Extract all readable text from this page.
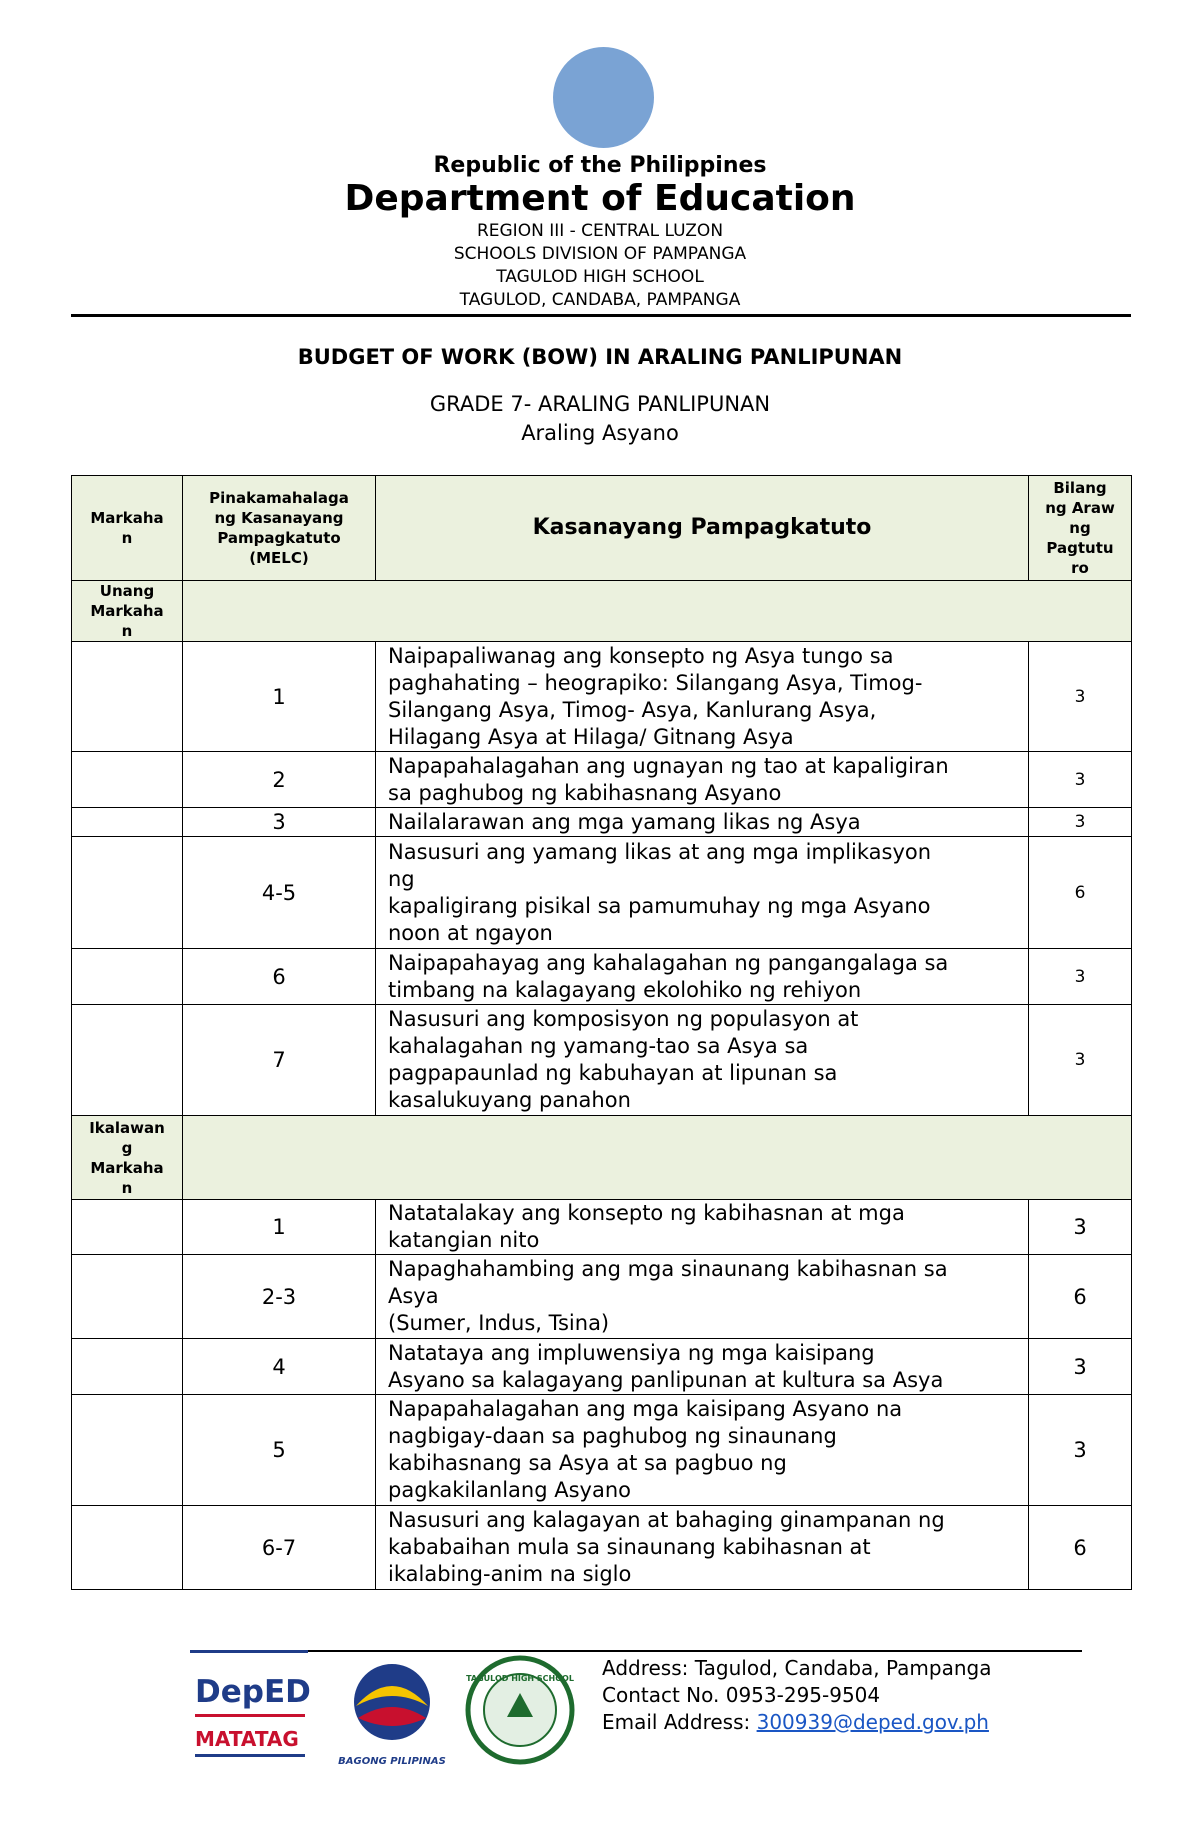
Republic of the Philippines
Department of Education
REGION III - CENTRAL LUZON
SCHOOLS DIVISION OF PAMPANGA
TAGULOD HIGH SCHOOL
TAGULOD, CANDABA, PAMPANGA
BUDGET OF WORK (BOW) IN ARALING PANLIPUNAN
GRADE 7- ARALING PANLIPUNAN
Araling Asyano
Markaha
n	Pinakamahalaga
ng Kasanayang
Pampagkatuto
(MELC)	Kasanayang Pampagkatuto	Bilang
ng Araw
ng
Pagtutu
ro
Unang
Markaha
n			
	1	Naipapaliwanag ang konsepto ng Asya tungo sa
paghahating – heograpiko: Silangang Asya, Timog-
Silangang Asya, Timog- Asya, Kanlurang Asya,
Hilagang Asya at Hilaga/ Gitnang Asya	3
	2	Napapahalagahan ang ugnayan ng tao at kapaligiran
sa paghubog ng kabihasnang Asyano	3
	3	Nailalarawan ang mga yamang likas ng Asya	3
	4-5	Nasusuri ang yamang likas at ang mga implikasyon
ng
kapaligirang pisikal sa pamumuhay ng mga Asyano
noon at ngayon	6
	6	Naipapahayag ang kahalagahan ng pangangalaga sa
timbang na kalagayang ekolohiko ng rehiyon	3
	7	Nasusuri ang komposisyon ng populasyon at
kahalagahan ng yamang-tao sa Asya sa
pagpapaunlad ng kabuhayan at lipunan sa
kasalukuyang panahon	3
Ikalawan
g
Markaha
n			
	1	Natatalakay ang konsepto ng kabihasnan at mga
katangian nito	3
	2-3	Napaghahambing ang mga sinaunang kabihasnan sa
Asya
(Sumer, Indus, Tsina)	6
	4	Natataya ang impluwensiya ng mga kaisipang
Asyano sa kalagayang panlipunan at kultura sa Asya	3
	5	Napapahalagahan ang mga kaisipang Asyano na
nagbigay-daan sa paghubog ng sinaunang
kabihasnang sa Asya at sa pagbuo ng
pagkakilanlang Asyano	3
	6-7	Nasusuri ang kalagayan at bahaging ginampanan ng
kababaihan mula sa sinaunang kabihasnan at
ikalabing-anim na siglo	6
DepED
MATATAG
BAGONG PILIPINAS
TAGULOD HIGH SCHOOL Address: Tagulod, Candaba, Pampanga
Contact No. 0953-295-9504
Email Address: 300939@deped.gov.ph
